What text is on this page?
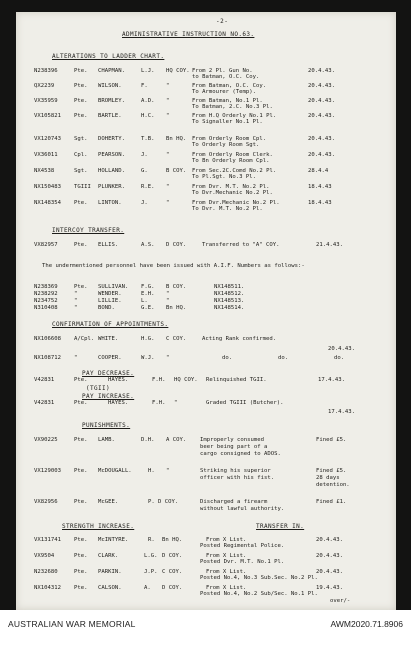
-2-
ADMINISTRATIVE INSTRUCTION NO.63.
ALTERATIONS TO LADDER CHART.
N238396	Pte. CHAPMAN.	L.J. HQ COY. From 2 Pl. Gun No.
to Batman, O.C. Coy.
20.4.43.
QX2239	Pte. WILSON.	F.	"	From Batman, O.C. Coy.
To Armourer (Temp).
20.4.43.
VX35959	Pte. BROMLEY.	A.D. "	From Batman, No.1 Pl.
To Batman, 2.C. No.3 Pl.
20.4.43.
VX105821 Pte. BARTLE.	H.C. "	From H.Q Orderly No.1 Pl.
To Signaller No.1 Pl.
20.4.43.
VX120743 Sgt. DOHERTY.	T.B. Bn HQ. From Orderly Room Cpl.
To Orderly Room Sgt.
20.4.43.
VX36011	Cpl. PEARSON.	J.	"	From Orderly Room Clerk.
To Bn Orderly Room Cpl.
20.4.43.
NX4538	Sgt. HOLLAND.	G.	B COY. From Sec.2C.Comd No.2 Pl.
To Pl.Sgt. No.3 Pl.
28.4.4
NX150483 TGIII PLUNKER.	R.E. "	From Dvr. M.T. No.2 Pl.
To Dvr.Mechanic No.2 Pl.
18.4.43
NX148354 Pte. LINTON.	J.	"	From Dvr.Mechanic No.2 Pl.
To Dvr. M.T. No.2 Pl.
18.4.43
INTERCOY TRANSFER.
VX82957	Pte. ELLIS.	A.S. D COY.	Transferred to "A" COY.	21.4.43.
The undermentioned personnel have been issued with A.I.F. Numbers as follows:-
N238369	Pte. SULLIVAN. F.G. B COY.	NX148511.
N238292	"	WENDER.	E.H. "	NX148512.
N234752	"	LILLIE.	L.	"	NX148513.
N310408	"	BOND.	G.E. Bn HQ.	NX148514.
CONFIRMATION OF APPOINTMENTS.
NX106608 A/Cpl. WHITE.	H.G. C COY.	Acting Rank confirmed.
20.4.43.
NX108712 "	COOPER.	W.J. "	do.	do.	do.
PAY DECREASE.
V42831	Pte.	HAYES.	F.H. HQ COY. Relinquished TGII.	17.4.43.
(TGII)
PAY INCREASE.
V42831	Pte.	HAYES.	F.H. "	Graded TGIII (Butcher).
17.4.43.
PUNISHMENTS.
VX90225	Pte. LAMB.	D.H. A COY. Improperly consumed	Fined £5.
beer being part of a
cargo consigned to ADOS.
VX129003 Pte. McDOUGALL.	H. "	Striking his superior	Fined £5.
officer with his fist.	28 days
detention.
VX82956	Pte. McGEE.	P. D COY.	Discharged a firearm	Fined £1.
without lawful authority.
STRENGTH INCREASE.	TRANSFER IN.
VX131741 Pte. McINTYRE.	R. Bn HQ.	From X List.
Posted Regimental Police.
20.4.43.
VX9504	Pte. CLARK.	L.G. D COY.	From X List.
Posted Dvr. M.T. No.1 Pl.
20.4.43.
N232680	Pte. PARKIN.	J.P. C COY.	From X List.
Posted No.4, No.3 Sub.Sec. No.2 Pl.
20.4.43.
NX104312 Pte. CALSON.	A. D COY.	From X List.
Posted No.4, No.2 Sub/Sec. No.1 Pl.
19.4.43.
over/-
AUSTRALIAN WAR MEMORIAL	AWM2020.71.8906
